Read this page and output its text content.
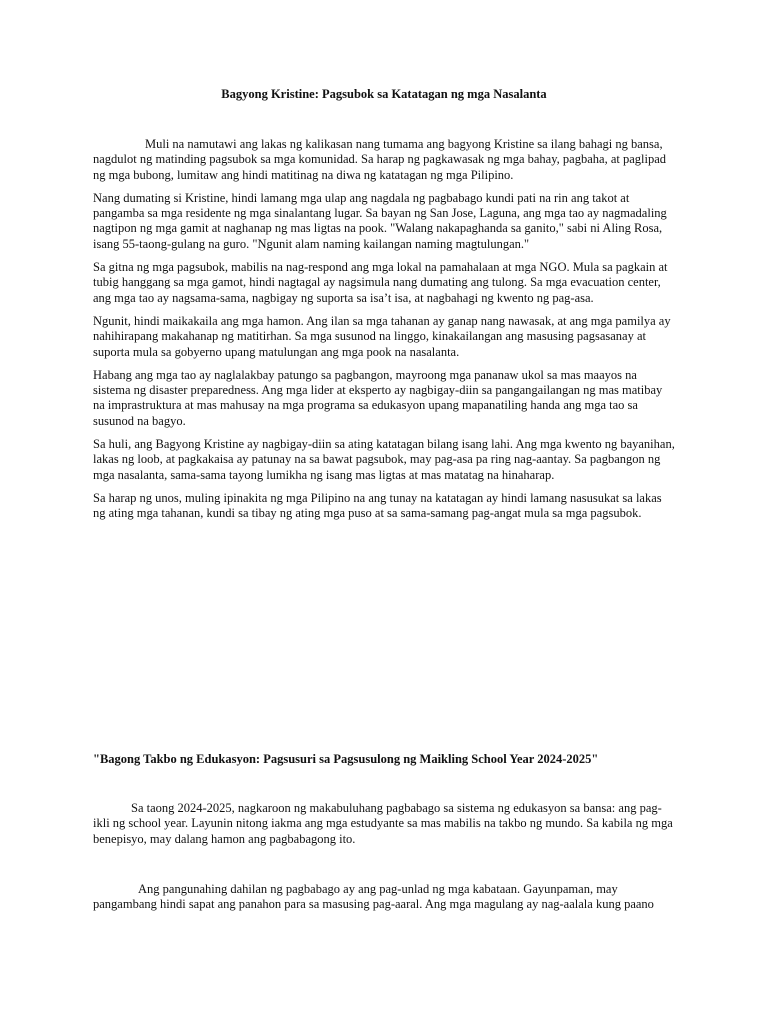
Bagyong Kristine: Pagsubok sa Katatagan ng mga Nasalanta

Muli na namutawi ang lakas ng kalikasan nang tumama ang bagyong Kristine sa ilang bahagi ng bansa, nagdulot ng matinding pagsubok sa mga komunidad. Sa harap ng pagkawasak ng mga bahay, pagbaha, at paglipad ng mga bubong, lumitaw ang hindi matitinag na diwa ng katatagan ng mga Pilipino.

Nang dumating si Kristine, hindi lamang mga ulap ang nagdala ng pagbabago kundi pati na rin ang takot at pangamba sa mga residente ng mga sinalantang lugar. Sa bayan ng San Jose, Laguna, ang mga tao ay nagmadaling nagtipon ng mga gamit at naghanap ng mas ligtas na pook. "Walang nakapaghanda sa ganito," sabi ni Aling Rosa, isang 55-taong-gulang na guro. "Ngunit alam naming kailangan naming magtulungan."

Sa gitna ng mga pagsubok, mabilis na nag-respond ang mga lokal na pamahalaan at mga NGO. Mula sa pagkain at tubig hanggang sa mga gamot, hindi nagtagal ay nagsimula nang dumating ang tulong. Sa mga evacuation center, ang mga tao ay nagsama-sama, nagbigay ng suporta sa isa’t isa, at nagbahagi ng kwento ng pag-asa.

Ngunit, hindi maikakaila ang mga hamon. Ang ilan sa mga tahanan ay ganap nang nawasak, at ang mga pamilya ay nahihirapang makahanap ng matitirhan. Sa mga susunod na linggo, kinakailangan ang masusing pagsasanay at suporta mula sa gobyerno upang matulungan ang mga pook na nasalanta.

Habang ang mga tao ay naglalakbay patungo sa pagbangon, mayroong mga pananaw ukol sa mas maayos na sistema ng disaster preparedness. Ang mga lider at eksperto ay nagbigay-diin sa pangangailangan ng mas matibay na imprastruktura at mas mahusay na mga programa sa edukasyon upang mapanatiling handa ang mga tao sa susunod na bagyo.

Sa huli, ang Bagyong Kristine ay nagbigay-diin sa ating katatagan bilang isang lahi. Ang mga kwento ng bayanihan, lakas ng loob, at pagkakaisa ay patunay na sa bawat pagsubok, may pag-asa pa ring nag-aantay. Sa pagbangon ng mga nasalanta, sama-sama tayong lumikha ng isang mas ligtas at mas matatag na hinaharap.

Sa harap ng unos, muling ipinakita ng mga Pilipino na ang tunay na katatagan ay hindi lamang nasusukat sa lakas ng ating mga tahanan, kundi sa tibay ng ating mga puso at sa sama-samang pag-angat mula sa mga pagsubok.

"Bagong Takbo ng Edukasyon: Pagsusuri sa Pagsusulong ng Maikling School Year 2024-2025"

Sa taong 2024-2025, nagkaroon ng makabuluhang pagbabago sa sistema ng edukasyon sa bansa: ang pag-ikli ng school year. Layunin nitong iakma ang mga estudyante sa mas mabilis na takbo ng mundo. Sa kabila ng mga benepisyo, may dalang hamon ang pagbabagong ito.

Ang pangunahing dahilan ng pagbabago ay ang pag-unlad ng mga kabataan. Gayunpaman, may pangambang hindi sapat ang panahon para sa masusing pag-aaral. Ang mga magulang ay nag-aalala kung paano
